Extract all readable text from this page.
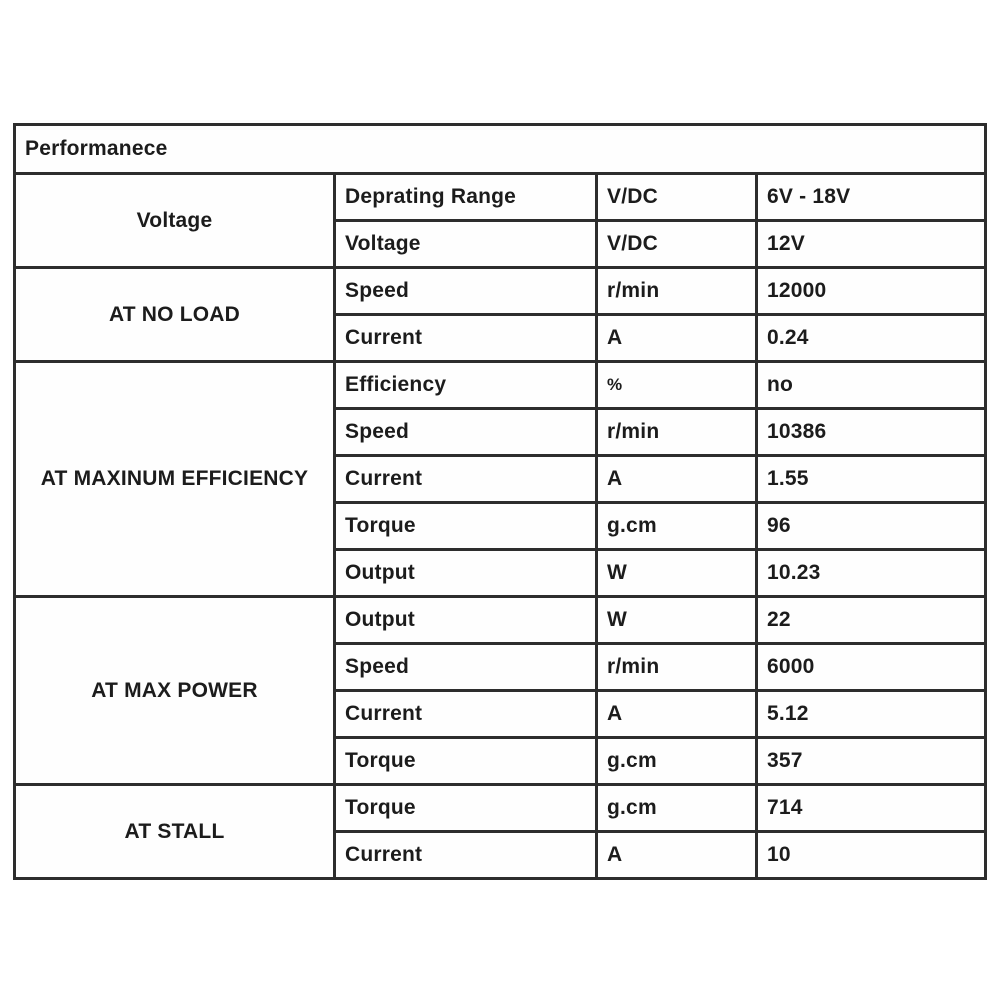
Performanece			
Voltage	Deprating Range	V/DC	6V - 18V
	Voltage	V/DC	12V
AT NO LOAD	Speed	r/min	12000
	Current	A	0.24
AT MAXINUM EFFICIENCY	Efficiency	%	no
	Speed	r/min	10386
	Current	A	1.55
	Torque	g.cm	96
	Output	W	10.23
AT MAX POWER	Output	W	22
	Speed	r/min	6000
	Current	A	5.12
	Torque	g.cm	357
AT STALL	Torque	g.cm	714
	Current	A	10
